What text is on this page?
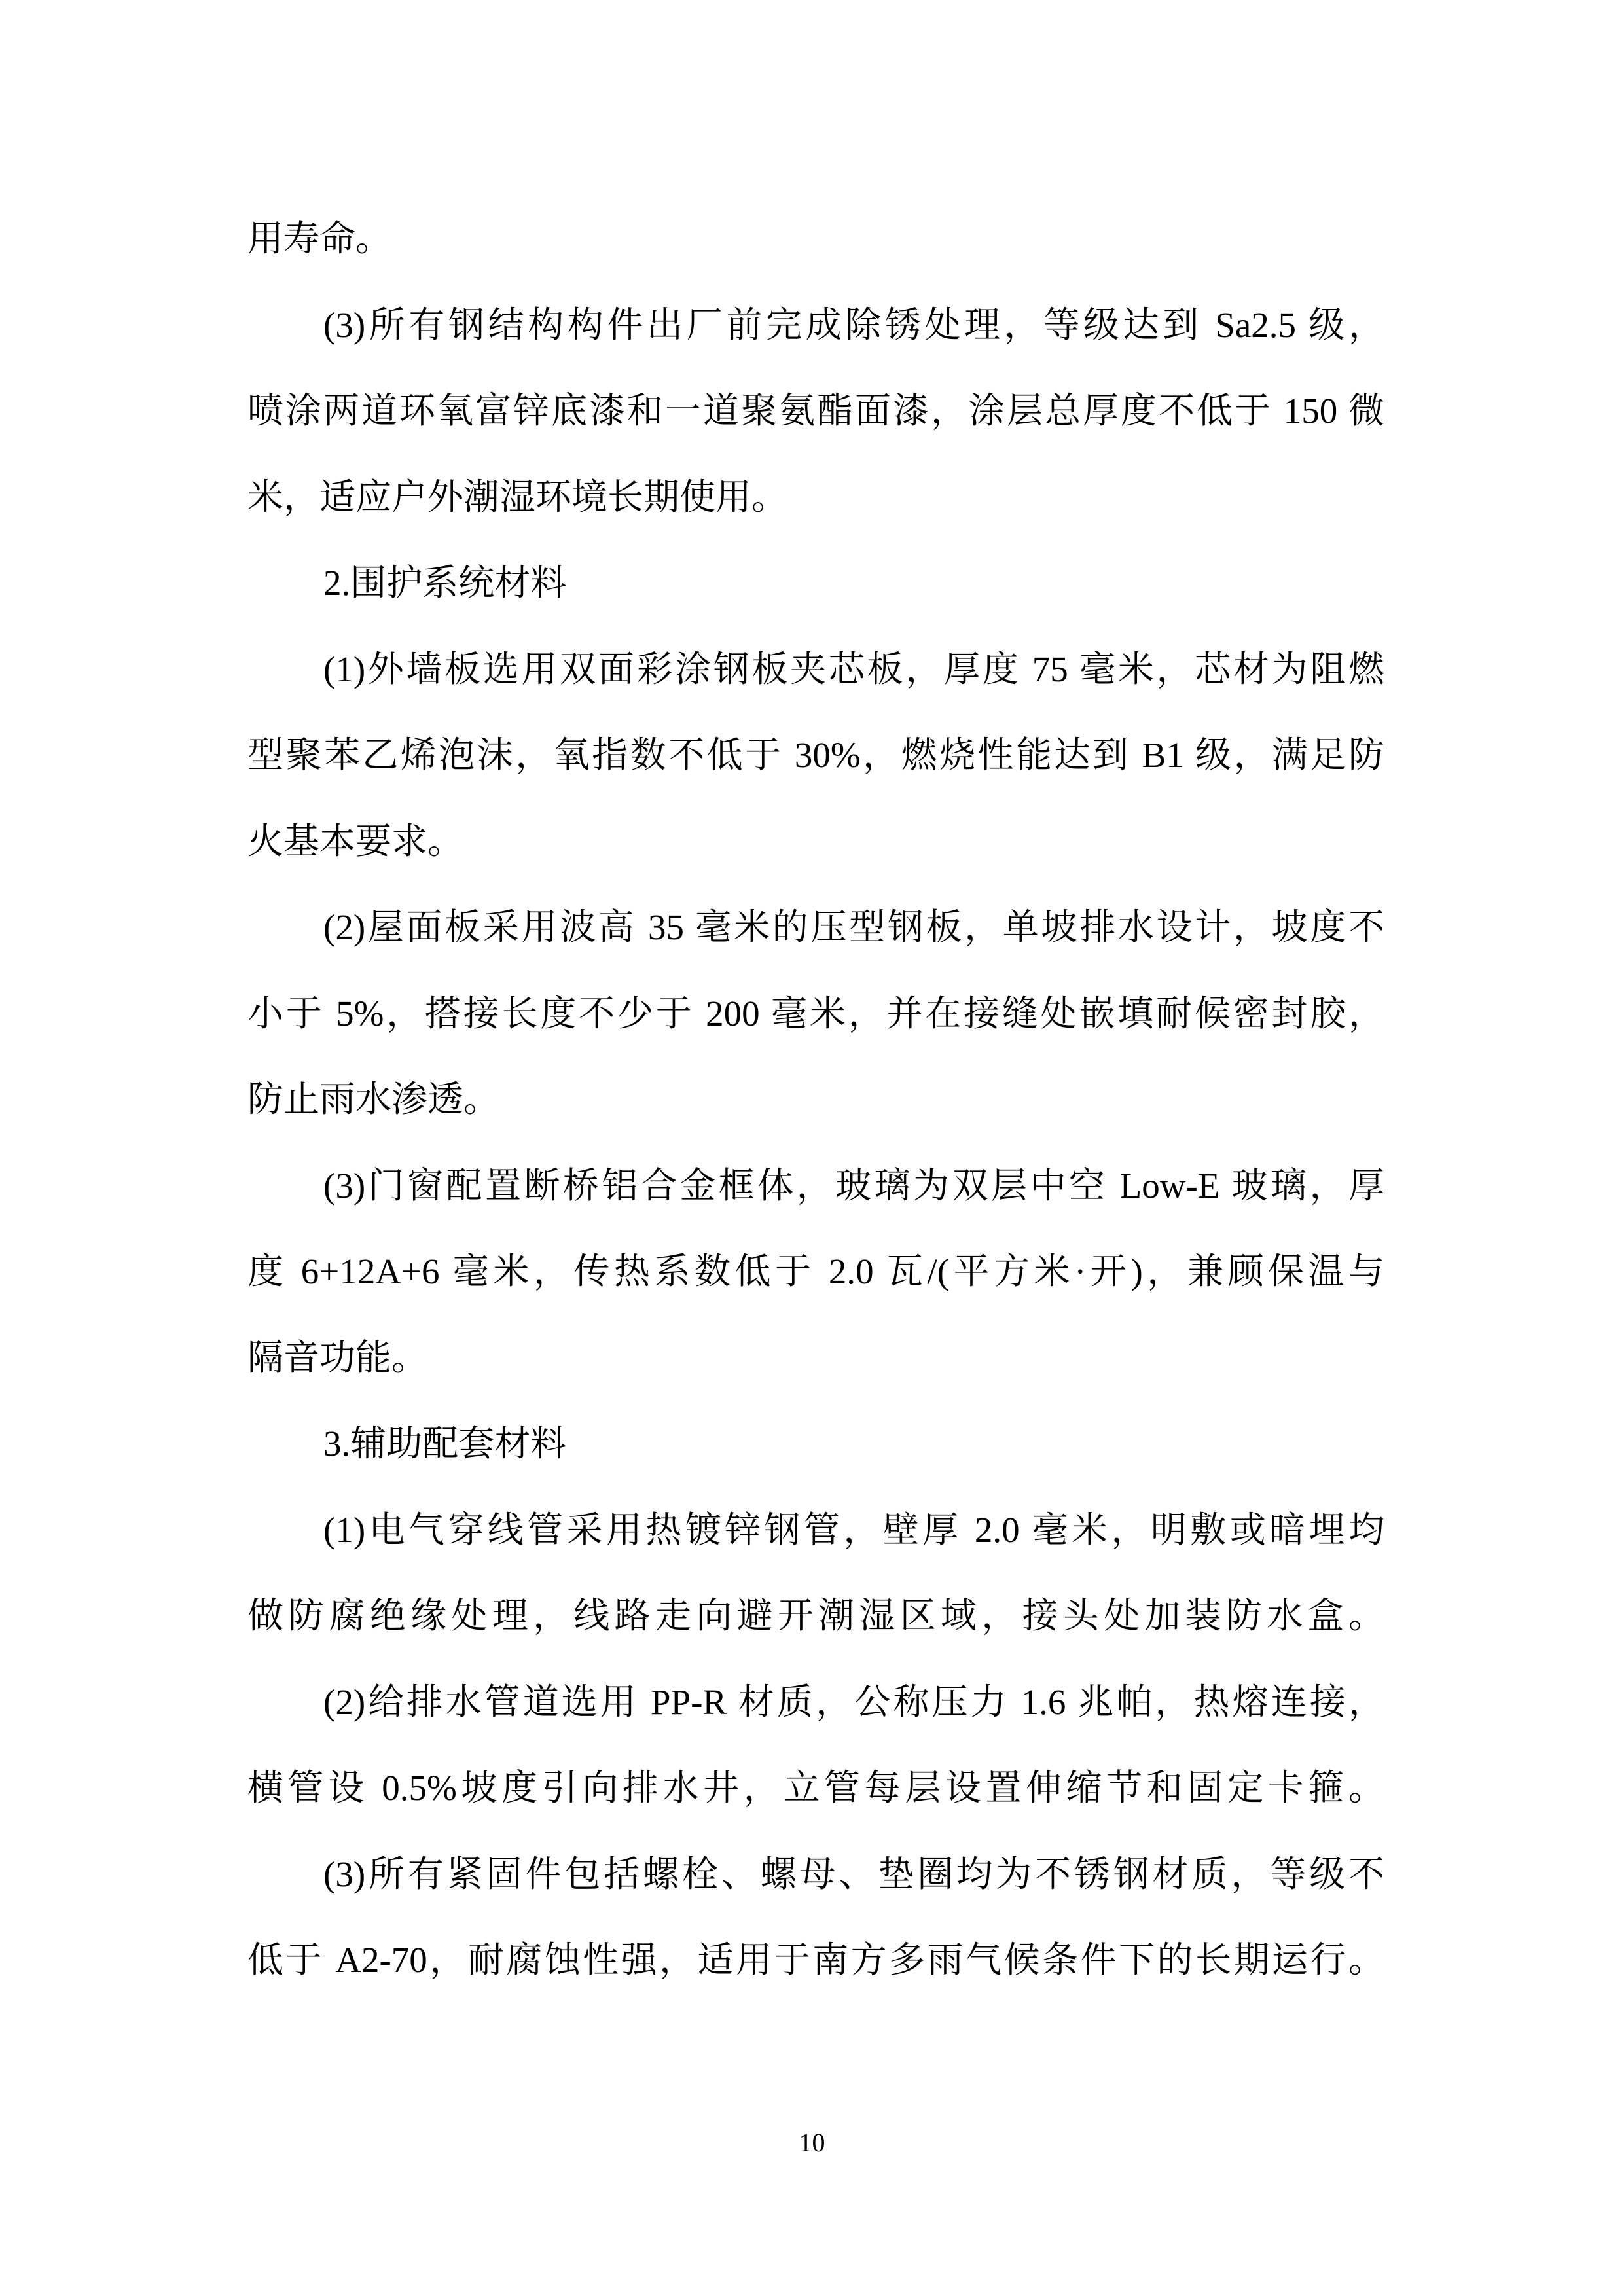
用寿命。
(3)所有钢结构构件出厂前完成除锈处理，等级达到 Sa2.5 级，
喷涂两道环氧富锌底漆和一道聚氨酯面漆，涂层总厚度不低于 150 微
米，适应户外潮湿环境长期使用。
2.围护系统材料
(1)外墙板选用双面彩涂钢板夹芯板，厚度 75 毫米，芯材为阻燃
型聚苯乙烯泡沫，氧指数不低于 30%，燃烧性能达到 B1 级，满足防
火基本要求。
(2)屋面板采用波高 35 毫米的压型钢板，单坡排水设计，坡度不
小于 5%，搭接长度不少于 200 毫米，并在接缝处嵌填耐候密封胶，
防止雨水渗透。
(3)门窗配置断桥铝合金框体，玻璃为双层中空 Low-E 玻璃，厚
度 6+12A+6 毫米，传热系数低于 2.0 瓦/(平方米·开)，兼顾保温与
隔音功能。
3.辅助配套材料
(1)电气穿线管采用热镀锌钢管，壁厚 2.0 毫米，明敷或暗埋均
做防腐绝缘处理，线路走向避开潮湿区域，接头处加装防水盒。
(2)给排水管道选用 PP-R 材质，公称压力 1.6 兆帕，热熔连接，
横管设 0.5%坡度引向排水井，立管每层设置伸缩节和固定卡箍。
(3)所有紧固件包括螺栓、螺母、垫圈均为不锈钢材质，等级不
低于 A2-70，耐腐蚀性强，适用于南方多雨气候条件下的长期运行。
10
